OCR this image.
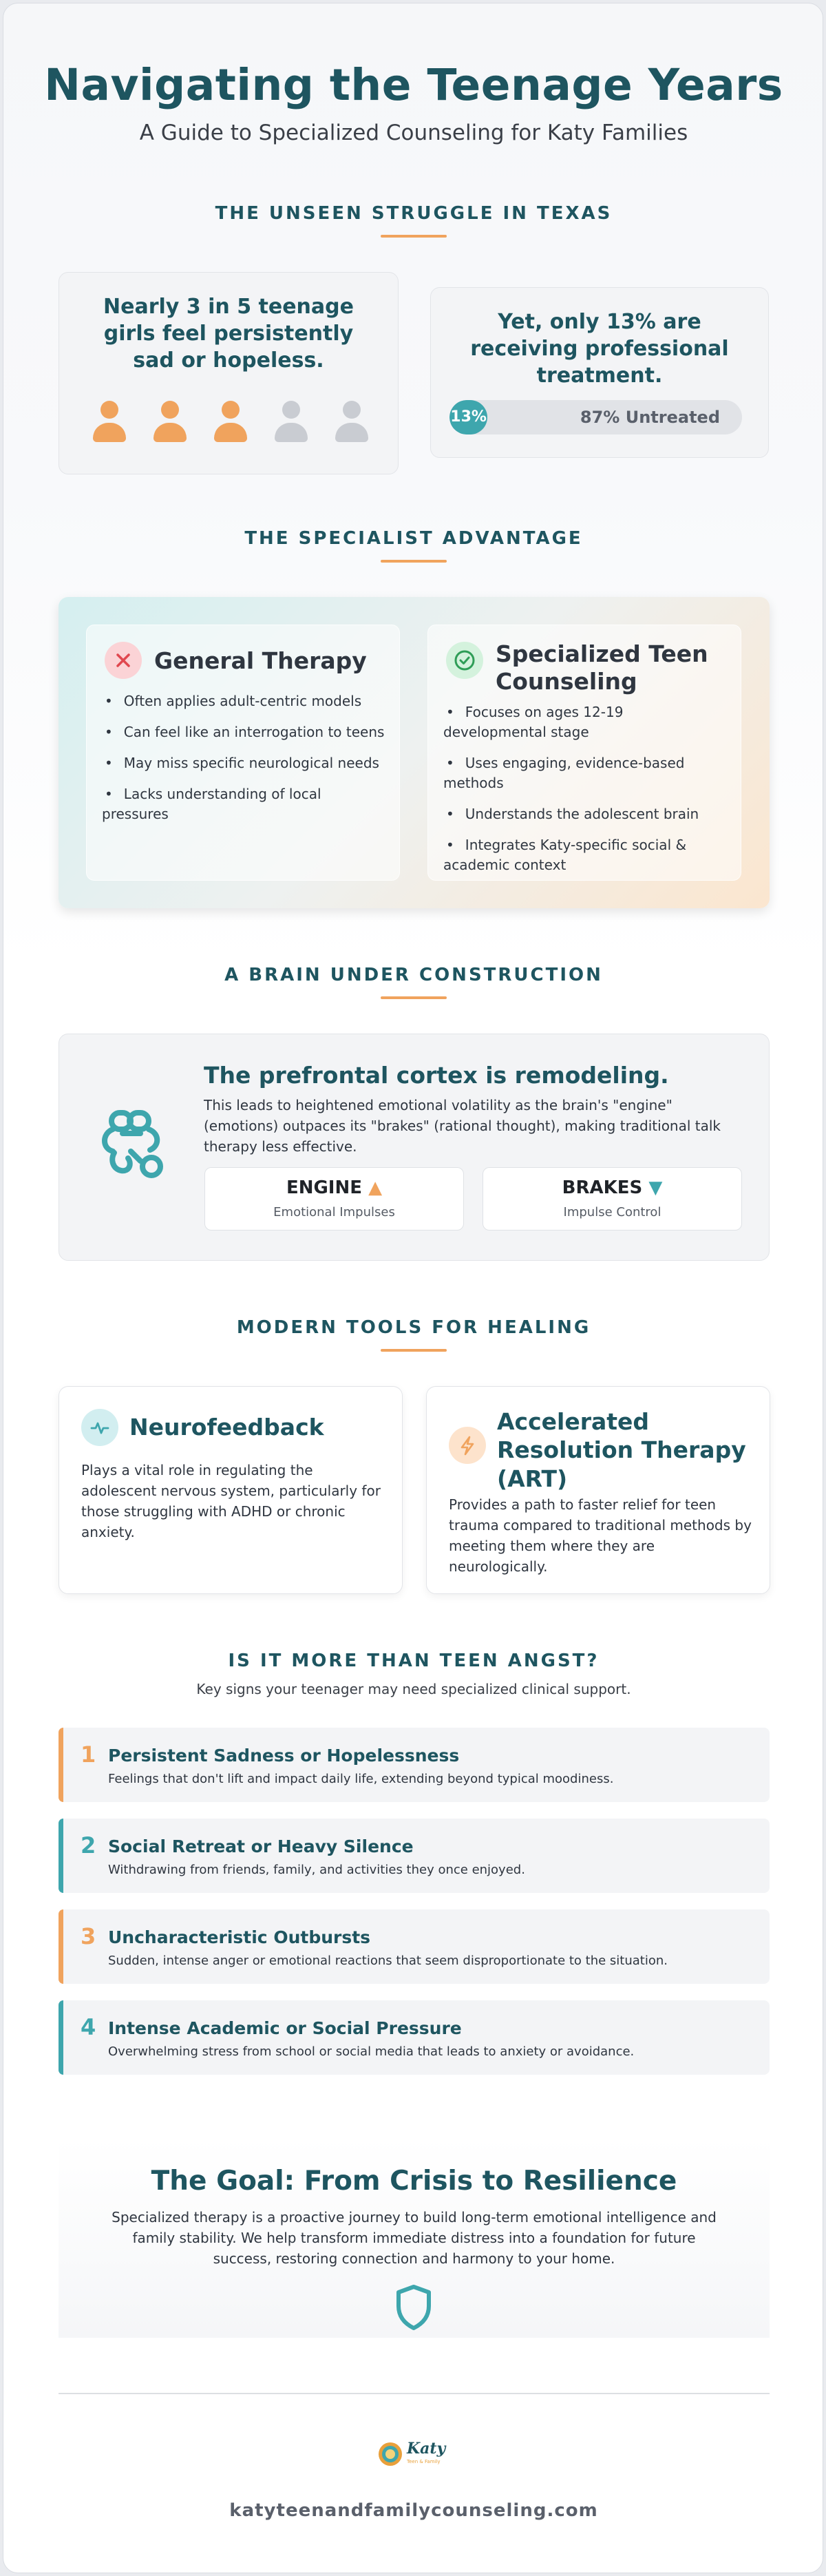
Navigating the Teenage Years
A Guide to Specialized Counseling for Katy Families
THE UNSEEN STRUGGLE IN TEXAS
Nearly 3 in 5 teenage girls feel persistently sad or hopeless.
Yet, only 13% are receiving professional treatment.
13%	87% Untreated
THE SPECIALIST ADVANTAGE
General Therapy
• Often applies adult-centric models
• Can feel like an interrogation to teens
• May miss specific neurological needs
• Lacks understanding of local pressures
Specialized Teen Counseling
• Focuses on ages 12-19 developmental stage
• Uses engaging, evidence-based methods
• Understands the adolescent brain
• Integrates Katy-specific social & academic context
A BRAIN UNDER CONSTRUCTION
The prefrontal cortex is remodeling.
This leads to heightened emotional volatility as the brain's "engine" (emotions) outpaces its "brakes" (rational thought), making traditional talk therapy less effective.
ENGINE ▲
Emotional Impulses
BRAKES ▼
Impulse Control
MODERN TOOLS FOR HEALING
Neurofeedback
Plays a vital role in regulating the adolescent nervous system, particularly for those struggling with ADHD or chronic anxiety.
Accelerated Resolution Therapy (ART)
Provides a path to faster relief for teen trauma compared to traditional methods by meeting them where they are neurologically.
IS IT MORE THAN TEEN ANGST?
Key signs your teenager may need specialized clinical support.
1 Persistent Sadness or Hopelessness
Feelings that don't lift and impact daily life, extending beyond typical moodiness.
2 Social Retreat or Heavy Silence
Withdrawing from friends, family, and activities they once enjoyed.
3 Uncharacteristic Outbursts
Sudden, intense anger or emotional reactions that seem disproportionate to the situation.
4 Intense Academic or Social Pressure
Overwhelming stress from school or social media that leads to anxiety or avoidance.
The Goal: From Crisis to Resilience
Specialized therapy is a proactive journey to build long-term emotional intelligence and family stability. We help transform immediate distress into a foundation for future success, restoring connection and harmony to your home.
Katy
Teen & Family
katyteenandfamilycounseling.com
